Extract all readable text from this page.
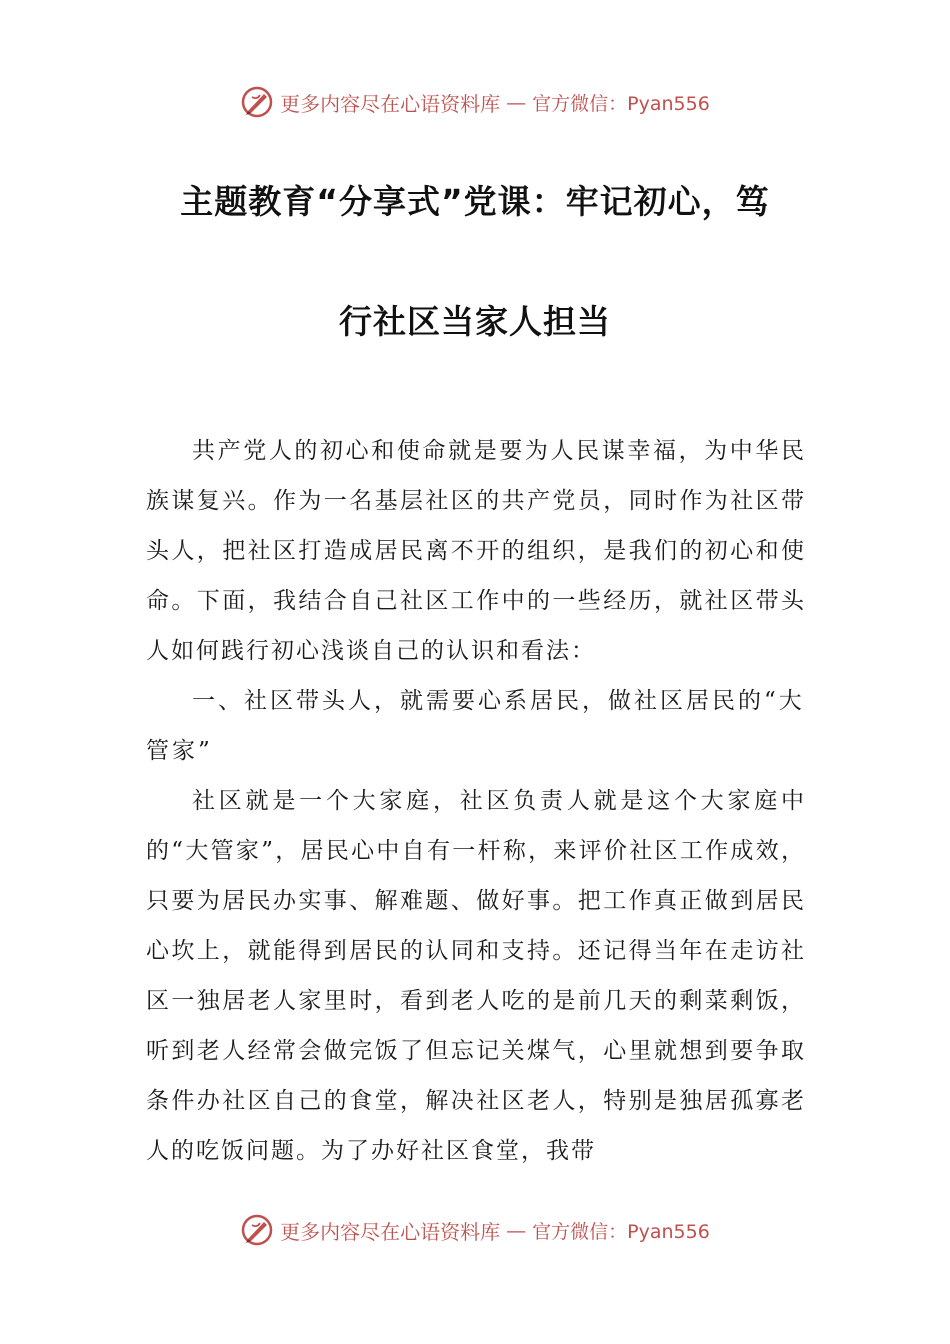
更多内容尽在心语资料库 — 官方微信：Pyan556
主题教育“分享式”党课：牢记初心，笃
行社区当家人担当

共产党人的初心和使命就是要为人民谋幸福，为中华民族谋复兴。作为一名基层社区的共产党员，同时作为社区带头人，把社区打造成居民离不开的组织，是我们的初心和使命。下面，我结合自己社区工作中的一些经历，就社区带头人如何践行初心浅谈自己的认识和看法：

一、社区带头人，就需要心系居民，做社区居民的“大管家”

社区就是一个大家庭，社区负责人就是这个大家庭中的“大管家”，居民心中自有一杆称，来评价社区工作成效，只要为居民办实事、解难题、做好事。把工作真正做到居民心坎上，就能得到居民的认同和支持。还记得当年在走访社区一独居老人家里时，看到老人吃的是前几天的剩菜剩饭，听到老人经常会做完饭了但忘记关煤气，心里就想到要争取条件办社区自己的食堂，解决社区老人，特别是独居孤寡老人的吃饭问题。为了办好社区食堂，我带

更多内容尽在心语资料库 — 官方微信：Pyan556
